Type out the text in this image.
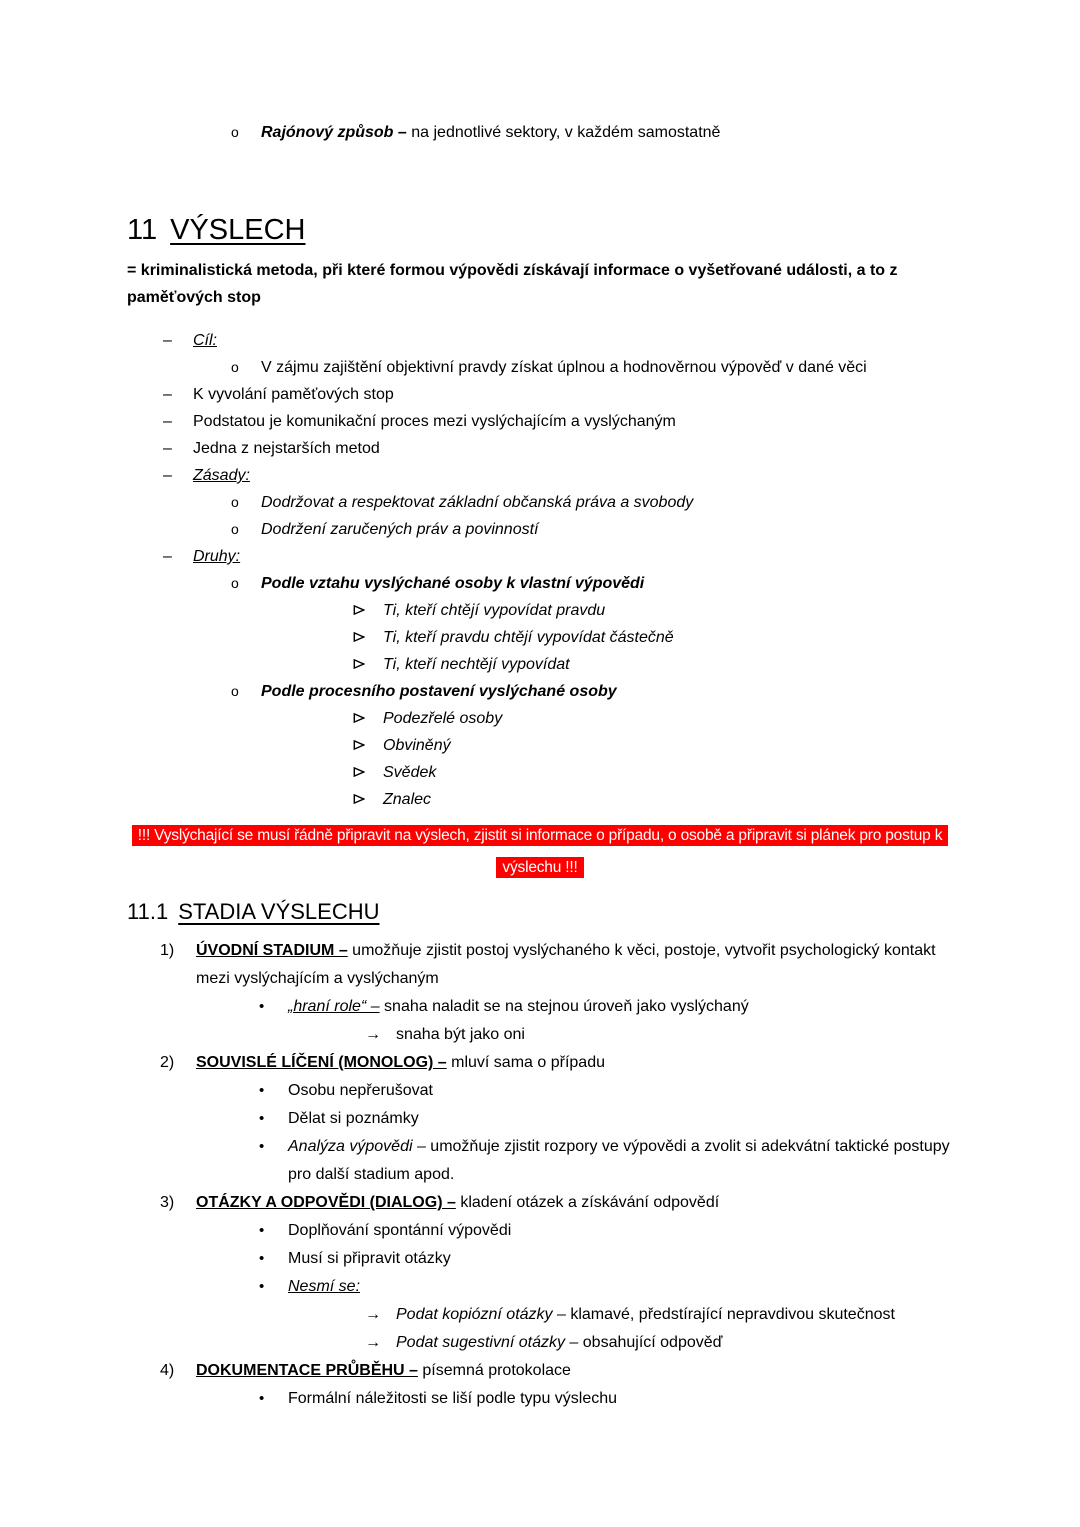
o	Rajónový způsob – na jednotlivé sektory, v každém samostatně
11 VÝSLECH
= kriminalistická metoda, při které formou výpovědi získávají informace o vyšetřované události, a to z paměťových stop
–	Cíl:
o	V zájmu zajištění objektivní pravdy získat úplnou a hodnověrnou výpověď v dané věci
–	K vyvolání paměťových stop
–	Podstatou je komunikační proces mezi vyslýchajícím a vyslýchaným
–	Jedna z nejstarších metod
–	Zásady:
o	Dodržovat a respektovat základní občanská práva a svobody
o	Dodržení zaručených práv a povinností
–	Druhy:
o	Podle vztahu vyslýchané osoby k vlastní výpovědi
Ti, kteří chtějí vypovídat pravdu
Ti, kteří pravdu chtějí vypovídat částečně
Ti, kteří nechtějí vypovídat
o	Podle procesního postavení vyslýchané osoby
Podezřelé osoby
Obviněný
Svědek
Znalec
!!! Vyslýchající se musí řádně připravit na výslech, zjistit si informace o případu, o osobě a připravit si plánek pro postup k výslechu !!!
11.1 STADIA VÝSLECHU
1)	ÚVODNÍ STADIUM – umožňuje zjistit postoj vyslýchaného k věci, postoje, vytvořit psychologický kontakt mezi vyslýchajícím a vyslýchaným
•	„hraní role“ – snaha naladit se na stejnou úroveň jako vyslýchaný
→ snaha být jako oni
2)	SOUVISLÉ LÍČENÍ (MONOLOG) – mluví sama o případu
•	Osobu nepřerušovat
•	Dělat si poznámky
•	Analýza výpovědi – umožňuje zjistit rozpory ve výpovědi a zvolit si adekvátní taktické postupy pro další stadium apod.
3)	OTÁZKY A ODPOVĚDI (DIALOG) – kladení otázek a získávání odpovědí
•	Doplňování spontánní výpovědi
•	Musí si připravit otázky
•	Nesmí se:
→ Podat kopiózní otázky – klamavé, předstírající nepravdivou skutečnost
→ Podat sugestivní otázky – obsahující odpověď
4)	DOKUMENTACE PRŮBĚHU – písemná protokolace
•	Formální náležitosti se liší podle typu výslechu
